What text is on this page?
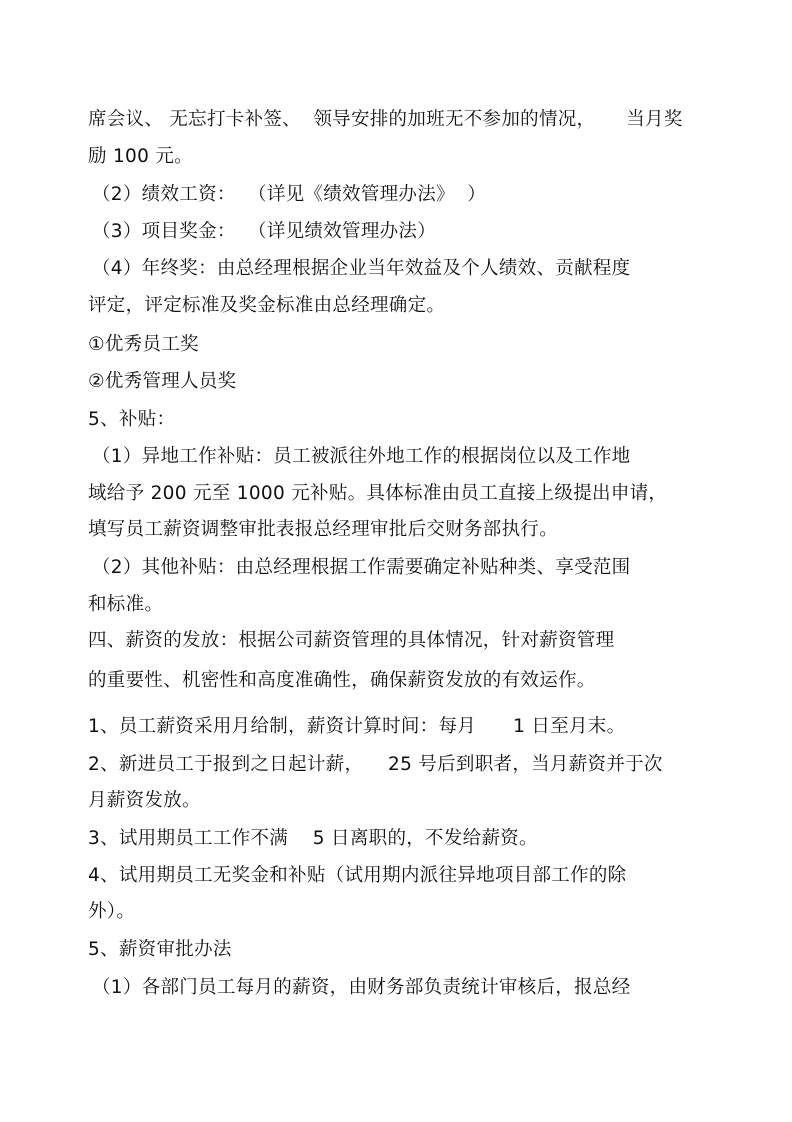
席会议、 无忘打卡补签、  领导安排的加班无不参加的情况，     当月奖
励 100 元。
（2）绩效工资：  （详见《绩效管理办法》  ）
（3）项目奖金：  （详见绩效管理办法）
（4）年终奖：由总经理根据企业当年效益及个人绩效、贡献程度
评定，评定标准及奖金标准由总经理确定。
①优秀员工奖
②优秀管理人员奖
5、补贴：
（1）异地工作补贴：员工被派往外地工作的根据岗位以及工作地
域给予 200 元至 1000 元补贴。具体标准由员工直接上级提出申请，
填写员工薪资调整审批表报总经理审批后交财务部执行。
（2）其他补贴：由总经理根据工作需要确定补贴种类、享受范围
和标准。
四、薪资的发放：根据公司薪资管理的具体情况，针对薪资管理
的重要性、机密性和高度准确性，确保薪资发放的有效运作。
1、员工薪资采用月给制，薪资计算时间：每月      1 日至月末。
2、新进员工于报到之日起计薪，    25 号后到职者，当月薪资并于次
月薪资发放。
3、试用期员工工作不满    5 日离职的，不发给薪资。
4、试用期员工无奖金和补贴（试用期内派往异地项目部工作的除
外）。
5、薪资审批办法
（1）各部门员工每月的薪资，由财务部负责统计审核后，报总经
